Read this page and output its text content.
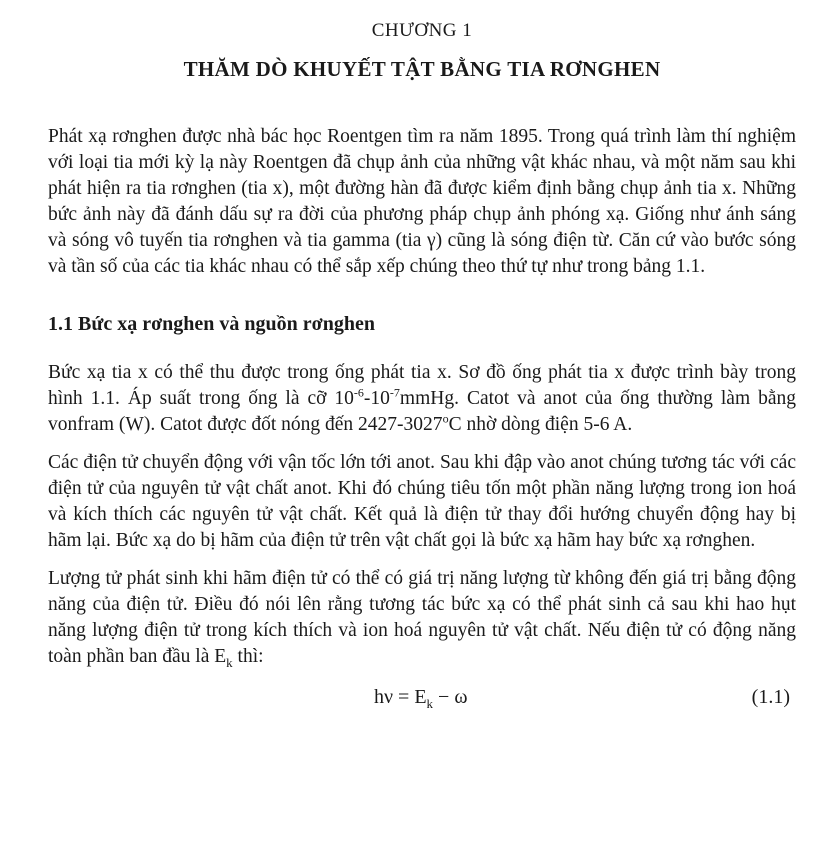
CHƯƠNG 1
THĂM DÒ KHUYẾT TẬT BẰNG TIA RƠNGHEN

Phát xạ rơnghen được nhà bác học Roentgen tìm ra năm 1895. Trong quá trình làm thí nghiệm với loại tia mới kỳ lạ này Roentgen đã chụp ảnh của những vật khác nhau, và một năm sau khi phát hiện ra tia rơnghen (tia x), một đường hàn đã được kiểm định bằng chụp ảnh tia x. Những bức ảnh này đã đánh dấu sự ra đời của phương pháp chụp ảnh phóng xạ. Giống như ánh sáng và sóng vô tuyến tia rơnghen và tia gamma (tia γ) cũng là sóng điện từ. Căn cứ vào bước sóng và tần số của các tia khác nhau có thể sắp xếp chúng theo thứ tự như trong bảng 1.1.

1.1 Bức xạ rơnghen và nguồn rơnghen

Bức xạ tia x có thể thu được trong ống phát tia x. Sơ đồ ống phát tia x được trình bày trong hình 1.1. Áp suất trong ống là cỡ $10^{-6}-10^{-7}mmHg$. Catot và anot của ống thường làm bằng vonfram (W). Catot được đốt nóng đến 2427-3027$^o$C nhờ dòng điện 5-6 A.

Các điện tử chuyển động với vận tốc lớn tới anot. Sau khi đập vào anot chúng tương tác với các điện tử của nguyên tử vật chất anot. Khi đó chúng tiêu tốn một phần năng lượng trong ion hoá và kích thích các nguyên tử vật chất. Kết quả là điện tử thay đổi hướng chuyển động hay bị hãm lại. Bức xạ do bị hãm của điện tử trên vật chất gọi là bức xạ hãm hay bức xạ rơnghen.

Lượng tử phát sinh khi hãm điện tử có thể có giá trị năng lượng từ không đến giá trị bằng động năng của điện tử. Điều đó nói lên rằng tương tác bức xạ có thể phát sinh cả sau khi hao hụt năng lượng điện tử trong kích thích và ion hoá nguyên tử vật chất. Nếu điện tử có động năng toàn phần ban đầu là $E_k$ thì:

$h\nu = E_k - \omega$	(1.1)
